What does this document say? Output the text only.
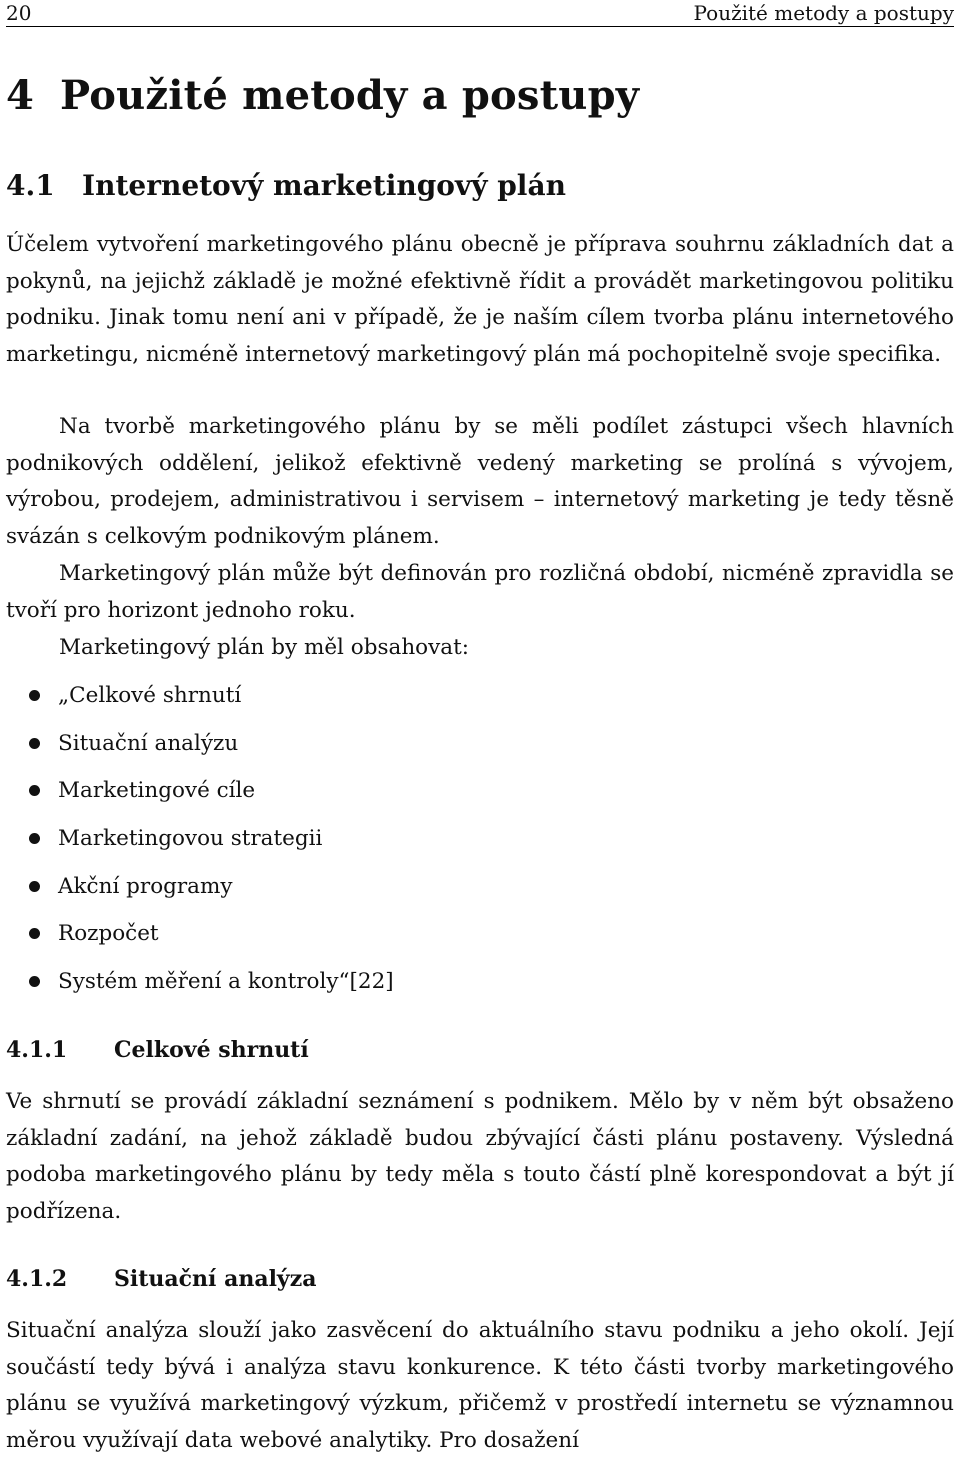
20	Použité metody a postupy
4 Použité metody a postupy
4.1 Internetový marketingový plán

Účelem vytvoření marketingového plánu obecně je příprava souhrnu základních dat a pokynů, na jejichž základě je možné efektivně řídit a provádět marketingovou politiku podniku. Jinak tomu není ani v případě, že je naším cílem tvorba plánu internetového marketingu, nicméně internetový marketingový plán má pochopitelně svoje specifika.

Na tvorbě marketingového plánu by se měli podílet zástupci všech hlavních podnikových oddělení, jelikož efektivně vedený marketing se prolíná s vývojem, výrobou, prodejem, administrativou i servisem – internetový marketing je tedy těsně svázán s celkovým podnikovým plánem.

Marketingový plán může být definován pro rozličná období, nicméně zpravidla se tvoří pro horizont jednoho roku.

Marketingový plán by měl obsahovat:

„Celkové shrnutí
Situační analýzu
Marketingové cíle
Marketingovou strategii
Akční programy
Rozpočet
Systém měření a kontroly“[22]
4.1.1 Celkové shrnutí

Ve shrnutí se provádí základní seznámení s podnikem. Mělo by v něm být obsaženo základní zadání, na jehož základě budou zbývající části plánu postaveny. Výsledná podoba marketingového plánu by tedy měla s touto částí plně korespondovat a být jí podřízena.

4.1.2 Situační analýza

Situační analýza slouží jako zasvěcení do aktuálního stavu podniku a jeho okolí. Její součástí tedy bývá i analýza stavu konkurence. K této části tvorby marketingového plánu se využívá marketingový výzkum, přičemž v prostředí internetu se významnou měrou využívají data webové analytiky. Pro dosažení
